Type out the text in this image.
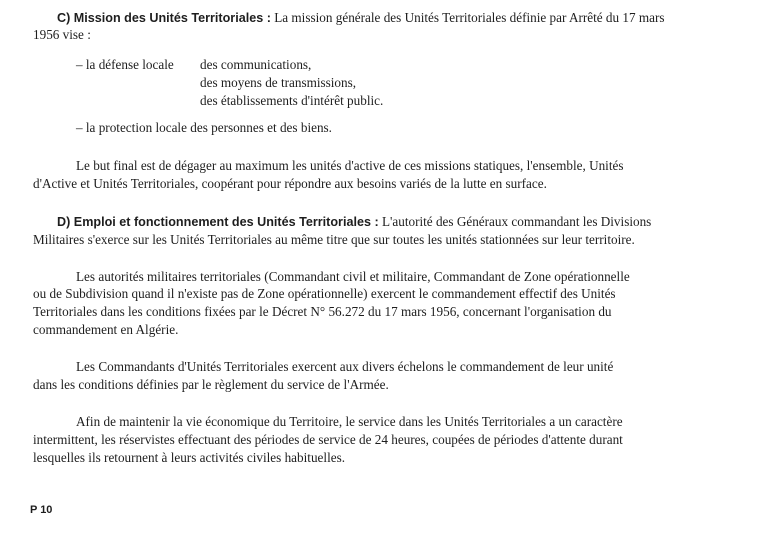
C) Mission des Unités Territoriales : La mission générale des Unités Territoriales définie par Arrêté du 17 mars
1956 vise :
– la défense locale des communications,
des moyens de transmissions,
des établissements d'intérêt public.
– la protection locale des personnes et des biens.
Le but final est de dégager au maximum les unités d'active de ces missions statiques, l'ensemble, Unités
d'Active et Unités Territoriales, coopérant pour répondre aux besoins variés de la lutte en surface.
D) Emploi et fonctionnement des Unités Territoriales : L'autorité des Généraux commandant les Divisions
Militaires s'exerce sur les Unités Territoriales au même titre que sur toutes les unités stationnées sur leur territoire.
Les autorités militaires territoriales (Commandant civil et militaire, Commandant de Zone opérationnelle
ou de Subdivision quand il n'existe pas de Zone opérationnelle) exercent le commandement effectif des Unités
Territoriales dans les conditions fixées par le Décret N° 56.272 du 17 mars 1956, concernant l'organisation du
commandement en Algérie.
Les Commandants d'Unités Territoriales exercent aux divers échelons le commandement de leur unité
dans les conditions définies par le règlement du service de l'Armée.
Afin de maintenir la vie économique du Territoire, le service dans les Unités Territoriales a un caractère
intermittent, les réservistes effectuant des périodes de service de 24 heures, coupées de périodes d'attente durant
lesquelles ils retournent à leurs activités civiles habituelles.
P 10
